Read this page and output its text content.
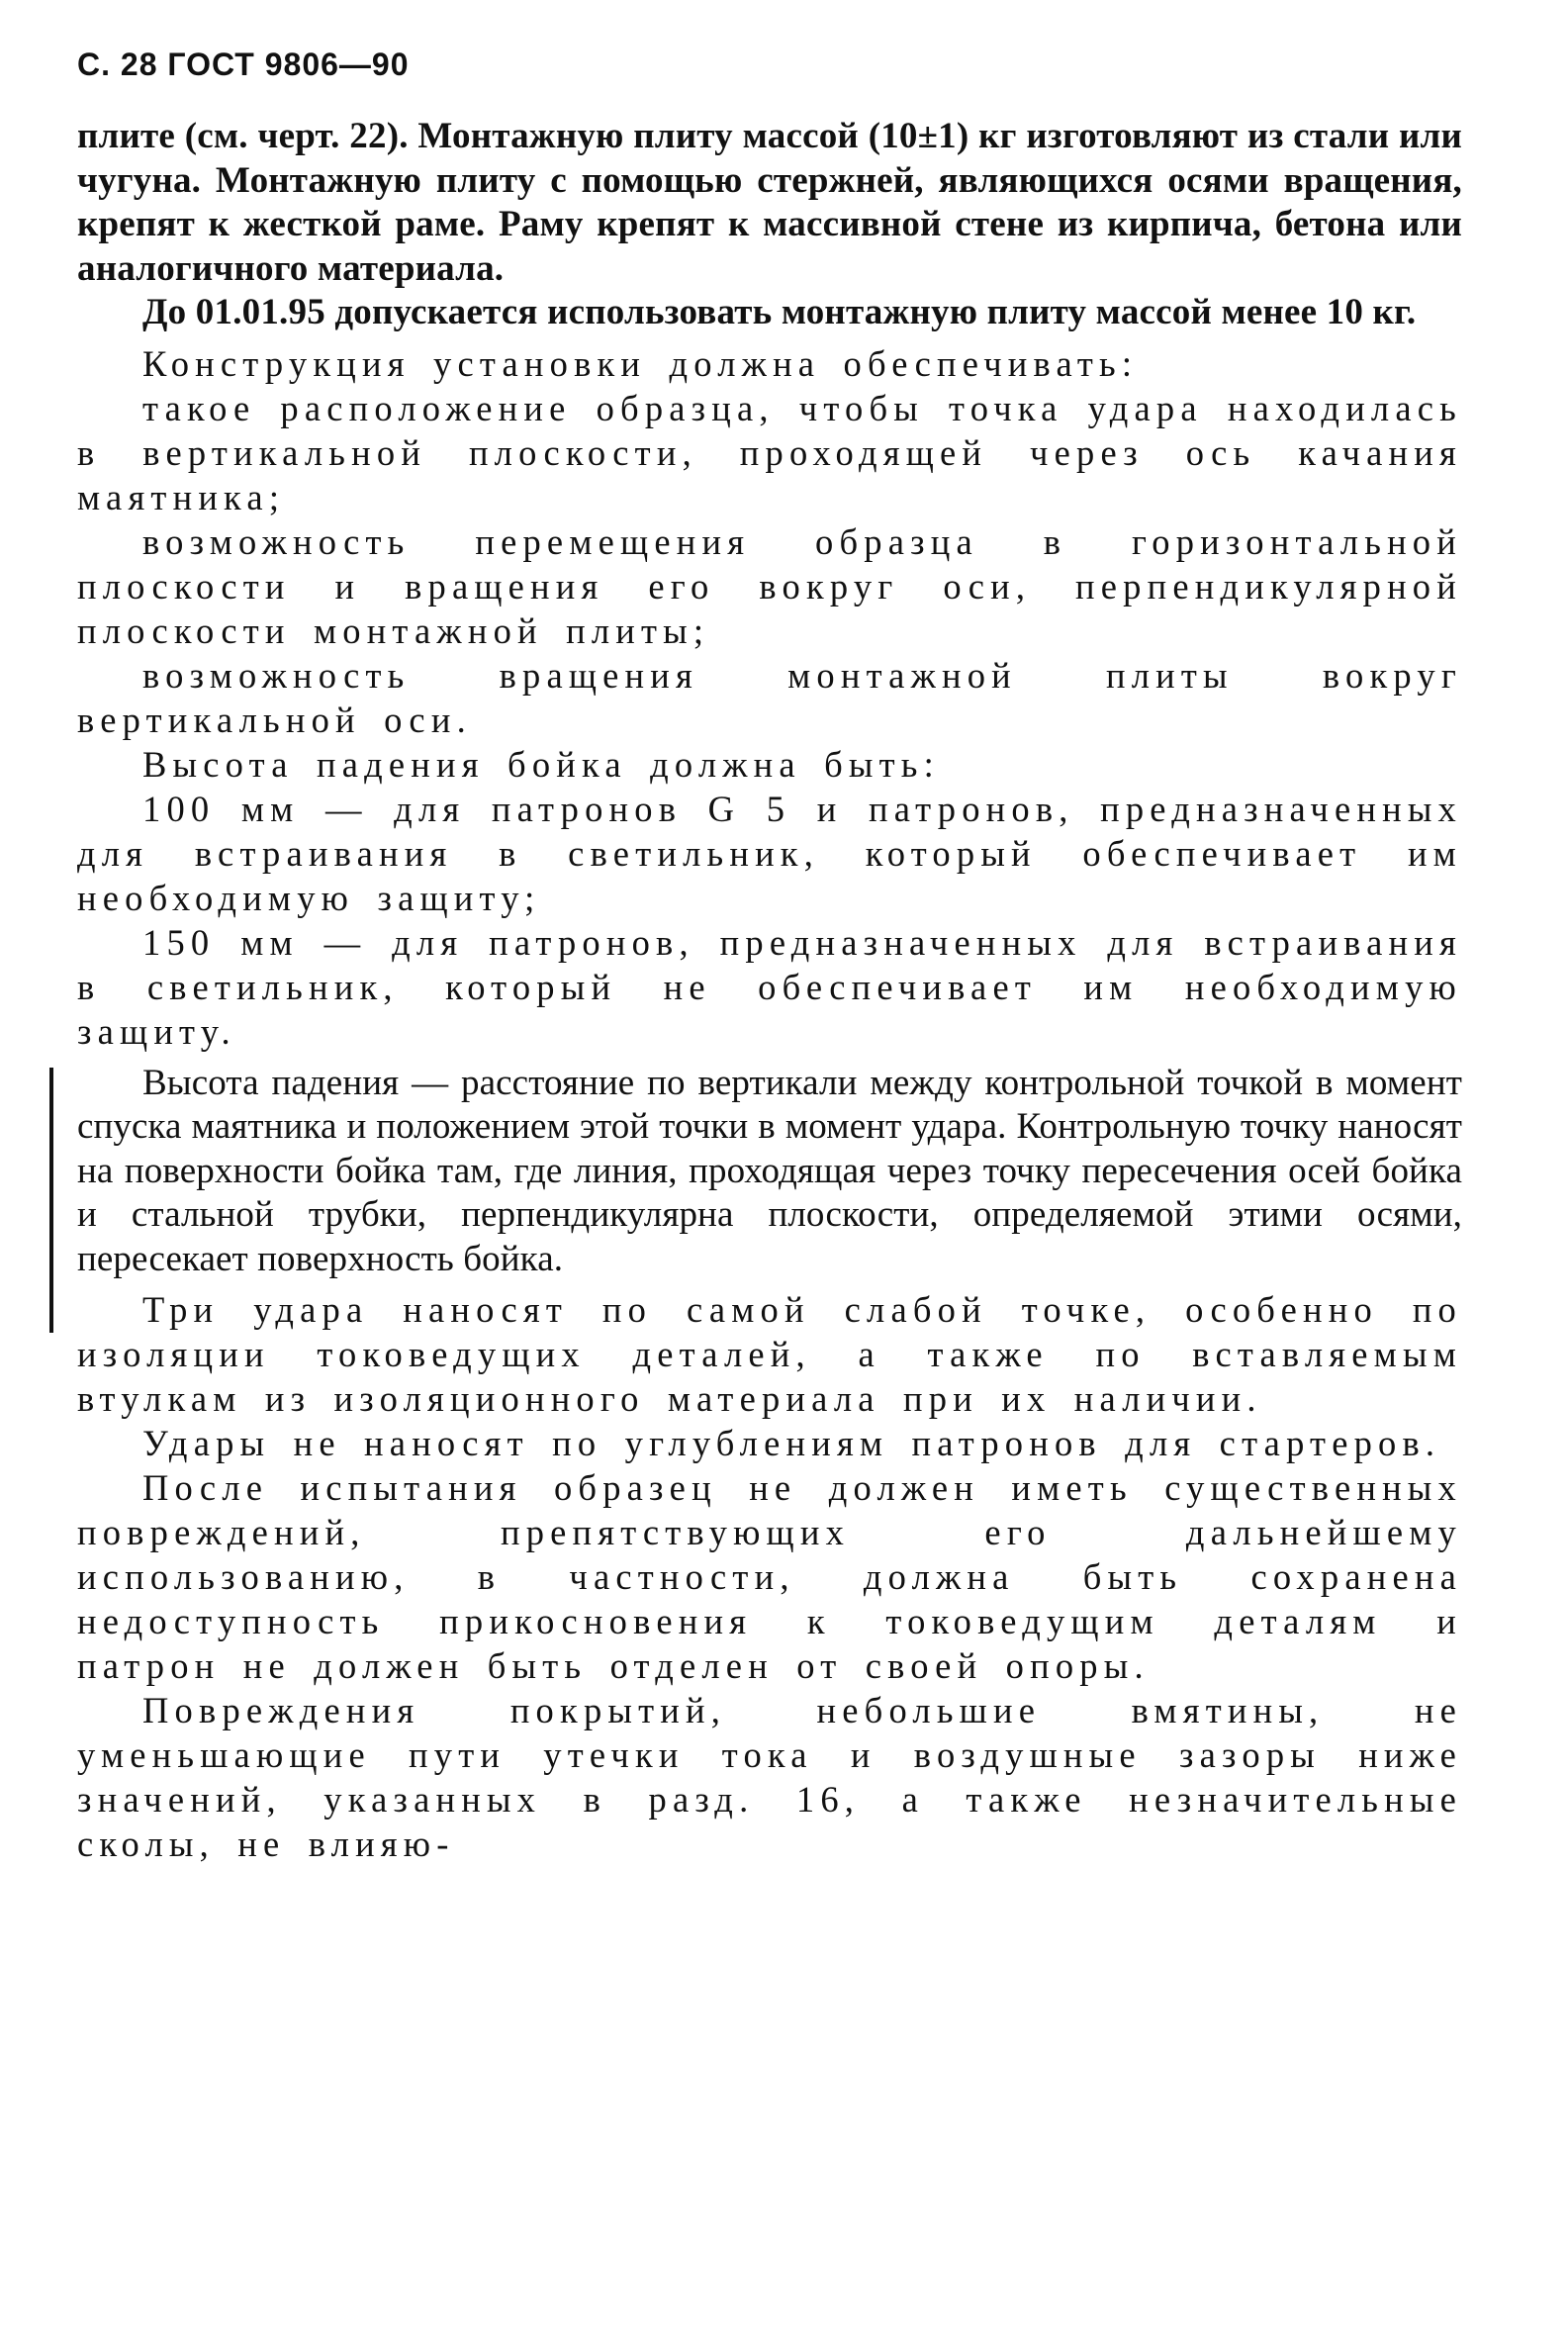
С. 28 ГОСТ 9806—90

плите (см. черт. 22). Монтажную плиту массой (10±1) кг изготовляют из стали или чугуна. Монтажную плиту с помощью стержней, являющихся осями вращения, крепят к жесткой раме. Раму крепят к массивной стене из кирпича, бетона или аналогичного материала.

До 01.01.95 допускается использовать монтажную плиту массой менее 10 кг.

Конструкция установки должна обеспечивать:

такое расположение образца, чтобы точка удара находилась в вертикальной плоскости, проходящей через ось качания маятника;

возможность перемещения образца в горизонтальной плоскости и вращения его вокруг оси, перпендикулярной плоскости монтажной плиты;

возможность вращения монтажной плиты вокруг вертикальной оси.

Высота падения бойка должна быть:

100 мм — для патронов G 5 и патронов, предназначенных для встраивания в светильник, который обеспечивает им необходимую защиту;

150 мм — для патронов, предназначенных для встраивания в светильник, который не обеспечивает им необходимую защиту.

Высота падения — расстояние по вертикали между контрольной точкой в момент спуска маятника и положением этой точки в момент удара. Контрольную точку наносят на поверхности бойка там, где линия, проходящая через точку пересечения осей бойка и стальной трубки, перпендикулярна плоскости, определяемой этими осями, пересекает поверхность бойка.

Три удара наносят по самой слабой точке, особенно по изоляции токоведущих деталей, а также по вставляемым втулкам из изоляционного материала при их наличии.

Удары не наносят по углублениям патронов для стартеров.

После испытания образец не должен иметь существенных повреждений, препятствующих его дальнейшему использованию, в частности, должна быть сохранена недоступность прикосновения к токоведущим деталям и патрон не должен быть отделен от своей опоры.

Повреждения покрытий, небольшие вмятины, не уменьшающие пути утечки тока и воздушные зазоры ниже значений, указанных в разд. 16, а также незначительные сколы, не влияю-
